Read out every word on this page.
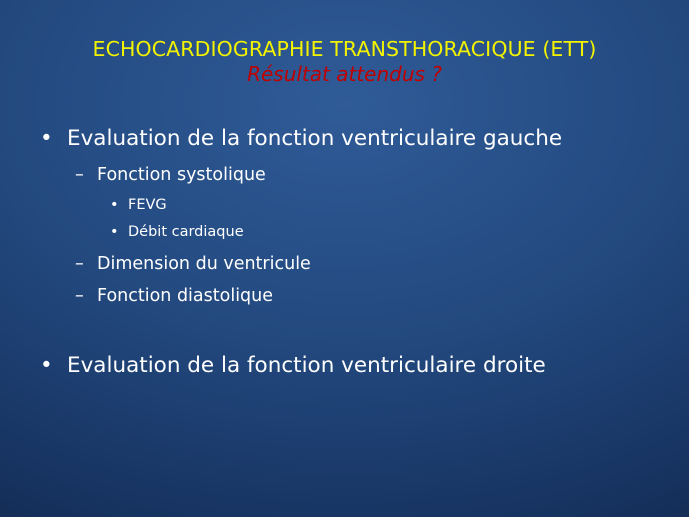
ECHOCARDIOGRAPHIE TRANSTHORACIQUE (ETT)
Résultat attendus ?
• Evaluation de la fonction ventriculaire gauche
– Fonction systolique
• FEVG
• Débit cardiaque
– Dimension du ventricule
– Fonction diastolique
• Evaluation de la fonction ventriculaire droite
